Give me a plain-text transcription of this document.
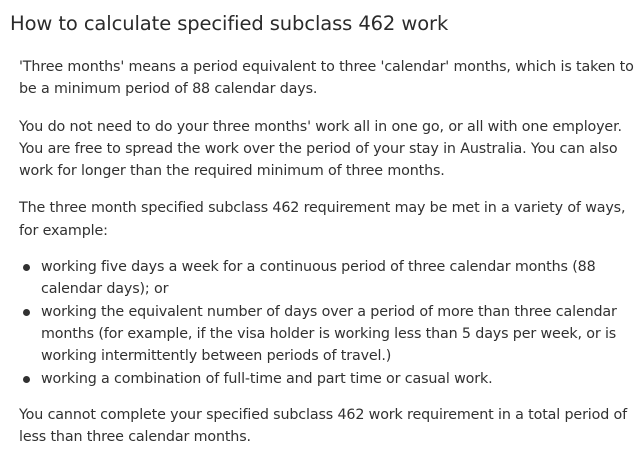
How to calculate specified subclass 462 work

'Three months' means a period equivalent to three 'calendar' months, which is taken to be a minimum period of 88 calendar days.

You do not need to do your three months' work all in one go, or all with one employer. You are free to spread the work over the period of your stay in Australia. You can also work for longer than the required minimum of three months.

The three month specified subclass 462 requirement may be met in a variety of ways, for example:

working five days a week for a continuous period of three calendar months (88 calendar days); or
working the equivalent number of days over a period of more than three calendar months (for example, if the visa holder is working less than 5 days per week, or is working intermittently between periods of travel.)
working a combination of full-time and part time or casual work.

You cannot complete your specified subclass 462 work requirement in a total period of less than three calendar months.
